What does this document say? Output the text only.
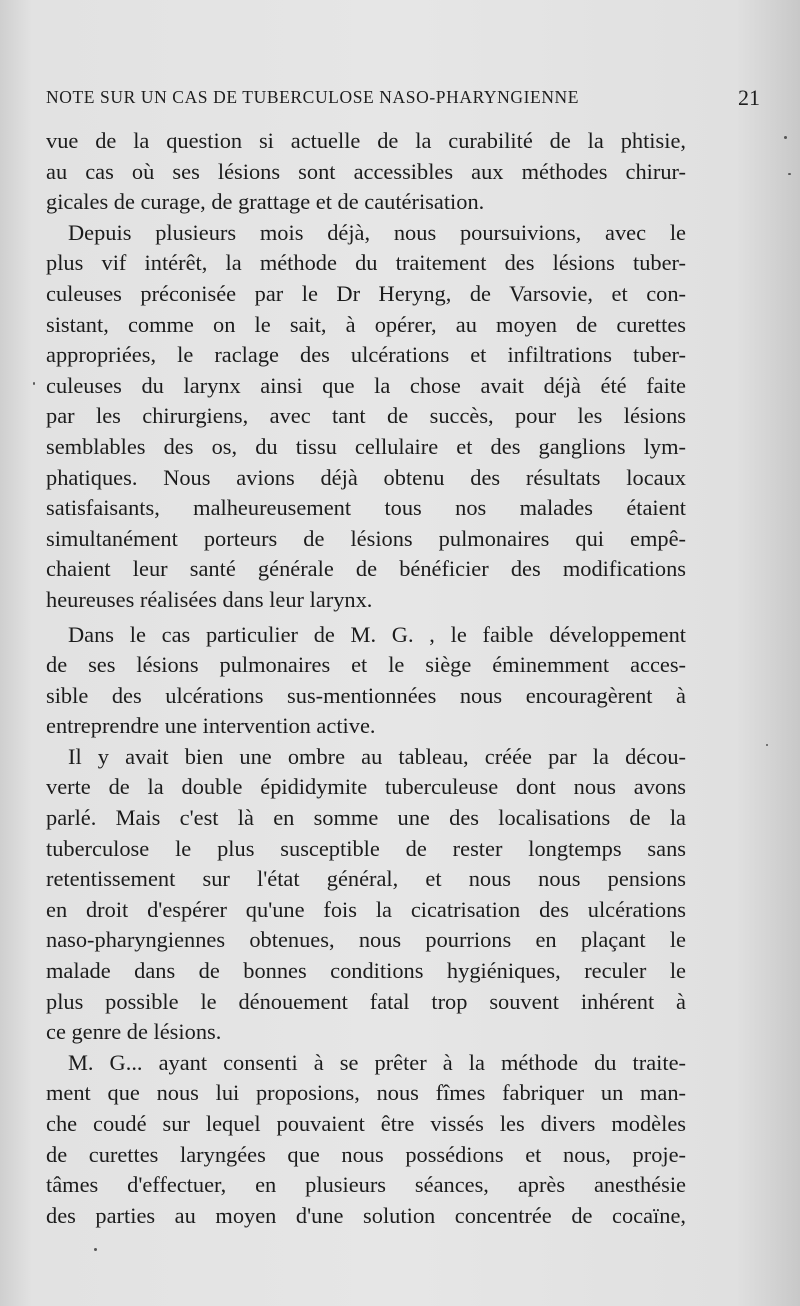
NOTE SUR UN CAS DE TUBERCULOSE NASO-PHARYNGIENNE	21
vue de la question si actuelle de la curabilité de la phtisie,
au cas où ses lésions sont accessibles aux méthodes chirur-
gicales de curage, de grattage et de cautérisation.
Depuis plusieurs mois déjà, nous poursuivions, avec le
plus vif intérêt, la méthode du traitement des lésions tuber-
culeuses préconisée par le Dr Heryng, de Varsovie, et con-
sistant, comme on le sait, à opérer, au moyen de curettes
appropriées, le raclage des ulcérations et infiltrations tuber-
culeuses du larynx ainsi que la chose avait déjà été faite
par les chirurgiens, avec tant de succès, pour les lésions
semblables des os, du tissu cellulaire et des ganglions lym-
phatiques. Nous avions déjà obtenu des résultats locaux
satisfaisants, malheureusement tous nos malades étaient
simultanément porteurs de lésions pulmonaires qui empê-
chaient leur santé générale de bénéficier des modifications
heureuses réalisées dans leur larynx.
Dans le cas particulier de M. G. , le faible développement
de ses lésions pulmonaires et le siège éminemment acces-
sible des ulcérations sus-mentionnées nous encouragèrent à
entreprendre une intervention active.
Il y avait bien une ombre au tableau, créée par la décou-
verte de la double épididymite tuberculeuse dont nous avons
parlé. Mais c'est là en somme une des localisations de la
tuberculose le plus susceptible de rester longtemps sans
retentissement sur l'état général, et nous nous pensions
en droit d'espérer qu'une fois la cicatrisation des ulcérations
naso-pharyngiennes obtenues, nous pourrions en plaçant le
malade dans de bonnes conditions hygiéniques, reculer le
plus possible le dénouement fatal trop souvent inhérent à
ce genre de lésions.
M. G... ayant consenti à se prêter à la méthode du traite-
ment que nous lui proposions, nous fîmes fabriquer un man-
che coudé sur lequel pouvaient être vissés les divers modèles
de curettes laryngées que nous possédions et nous, proje-
tâmes d'effectuer, en plusieurs séances, après anesthésie
des parties au moyen d'une solution concentrée de cocaïne,
